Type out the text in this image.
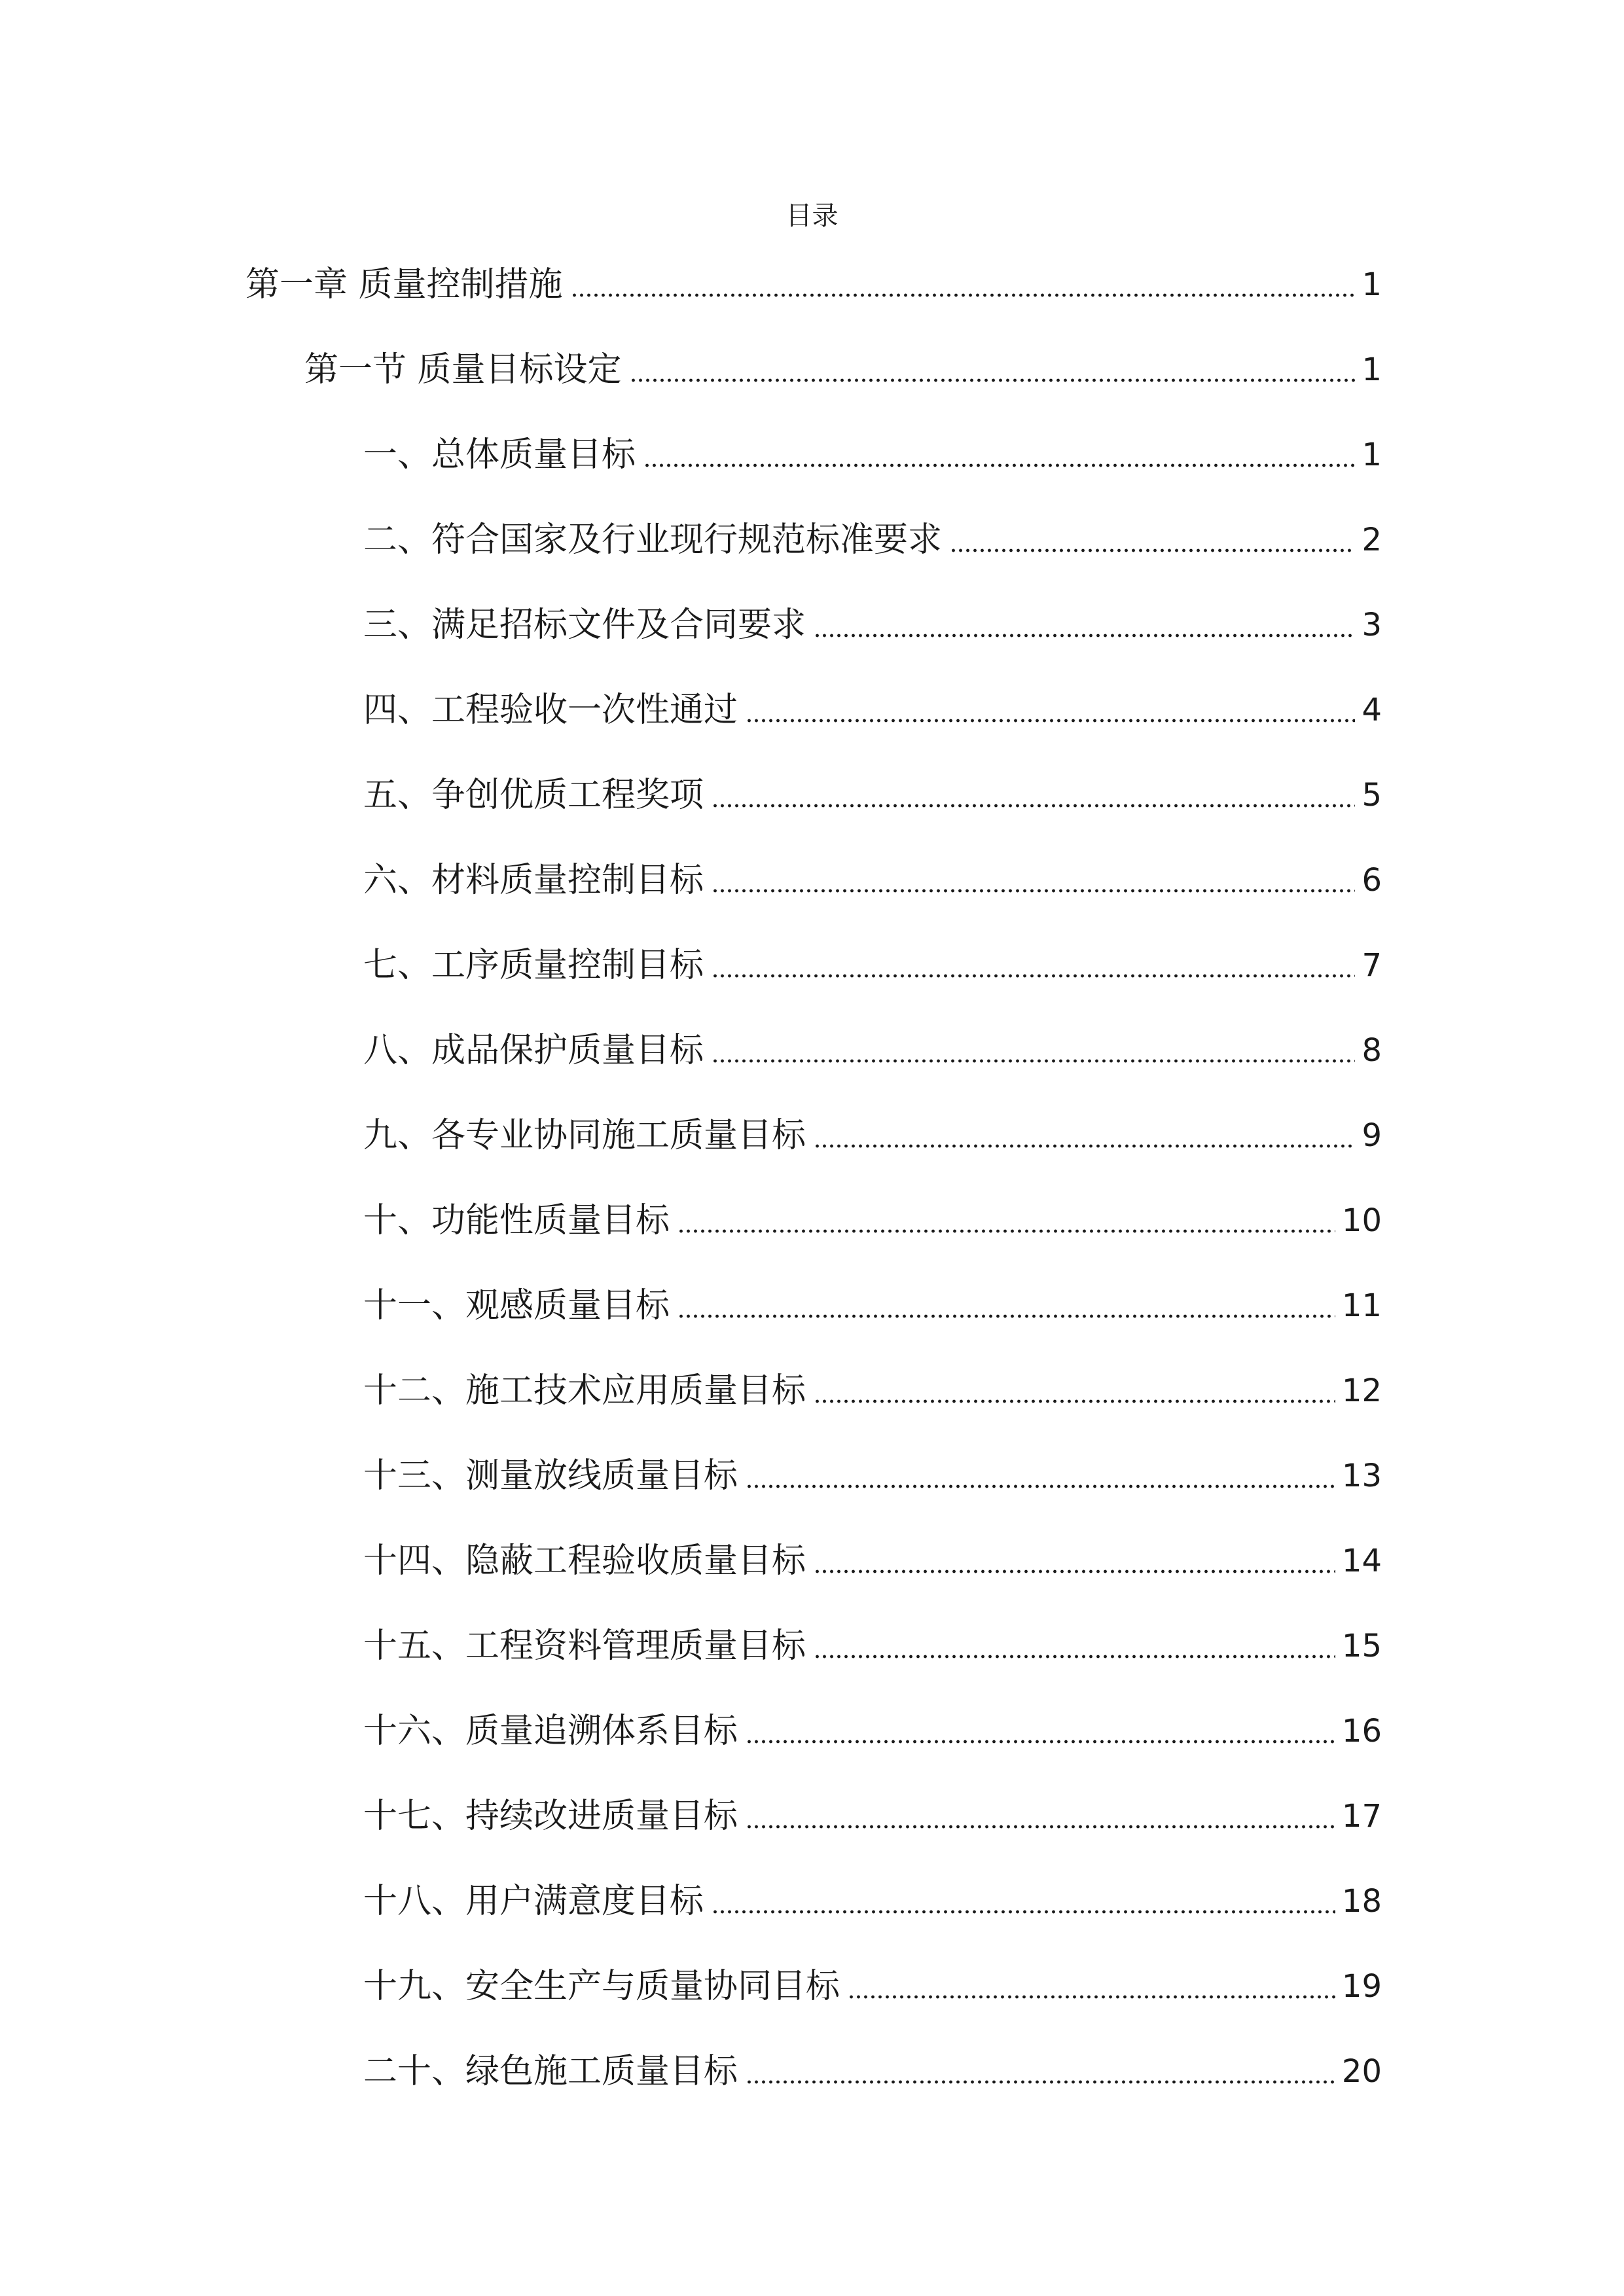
目录
第一章 质量控制措施	1
第一节 质量目标设定	1
一、总体质量目标	1
二、符合国家及行业现行规范标准要求	2
三、满足招标文件及合同要求	3
四、工程验收一次性通过	4
五、争创优质工程奖项	5
六、材料质量控制目标	6
七、工序质量控制目标	7
八、成品保护质量目标	8
九、各专业协同施工质量目标	9
十、功能性质量目标	10
十一、观感质量目标	11
十二、施工技术应用质量目标	12
十三、测量放线质量目标	13
十四、隐蔽工程验收质量目标	14
十五、工程资料管理质量目标	15
十六、质量追溯体系目标	16
十七、持续改进质量目标	17
十八、用户满意度目标	18
十九、安全生产与质量协同目标	19
二十、绿色施工质量目标	20
